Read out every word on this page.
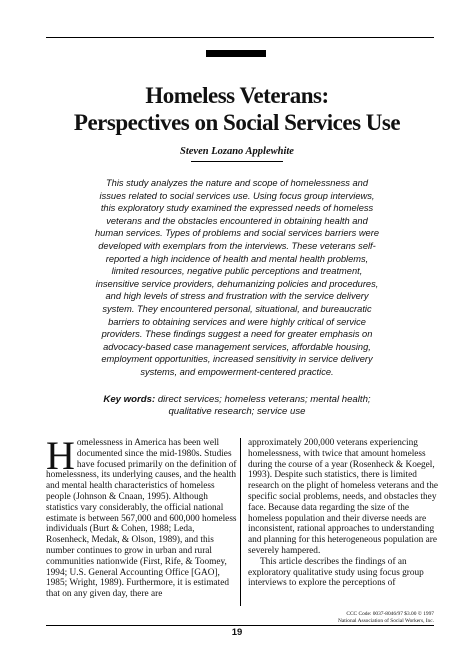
Homeless Veterans:
Perspectives on Social Services Use
Steven Lozano Applewhite

This study analyzes the nature and scope of homelessness and issues related to social services use. Using focus group interviews, this exploratory study examined the expressed needs of homeless veterans and the obstacles encountered in obtaining health and human services. Types of problems and social services barriers were developed with exemplars from the interviews. These veterans self-reported a high incidence of health and mental health problems, limited resources, negative public perceptions and treatment, insensitive service providers, dehumanizing policies and procedures, and high levels of stress and frustration with the service delivery system. They encountered personal, situational, and bureaucratic barriers to obtaining services and were highly critical of service providers. These findings suggest a need for greater emphasis on advocacy-based case management services, affordable housing, employment opportunities, increased sensitivity in service delivery systems, and empowerment-centered practice.

Key words: direct services; homeless veterans; mental health; qualitative research; service use

Homelessness in America has been well documented since the mid-1980s. Studies have focused primarily on the definition of homelessness, its underlying causes, and the health and mental health characteristics of homeless people (Johnson & Cnaan, 1995). Although statistics vary considerably, the official national estimate is between 567,000 and 600,000 homeless individuals (Burt & Cohen, 1988; Leda, Rosenheck, Medak, & Olson, 1989), and this number continues to grow in urban and rural communities nationwide (First, Rife, & Toomey, 1994; U.S. General Accounting Office [GAO], 1985; Wright, 1989). Furthermore, it is estimated that on any given day, there are

approximately 200,000 veterans experiencing homelessness, with twice that amount homeless during the course of a year (Rosenheck & Koegel, 1993). Despite such statistics, there is limited research on the plight of homeless veterans and the specific social problems, needs, and obstacles they face. Because data regarding the size of the homeless population and their diverse needs are inconsistent, rational approaches to understanding and planning for this heterogeneous population are severely hampered.

This article describes the findings of an exploratory qualitative study using focus group interviews to explore the perceptions of

CCC Code: 0037-8046/97 $3.00 © 1997
National Association of Social Workers, Inc.
19
